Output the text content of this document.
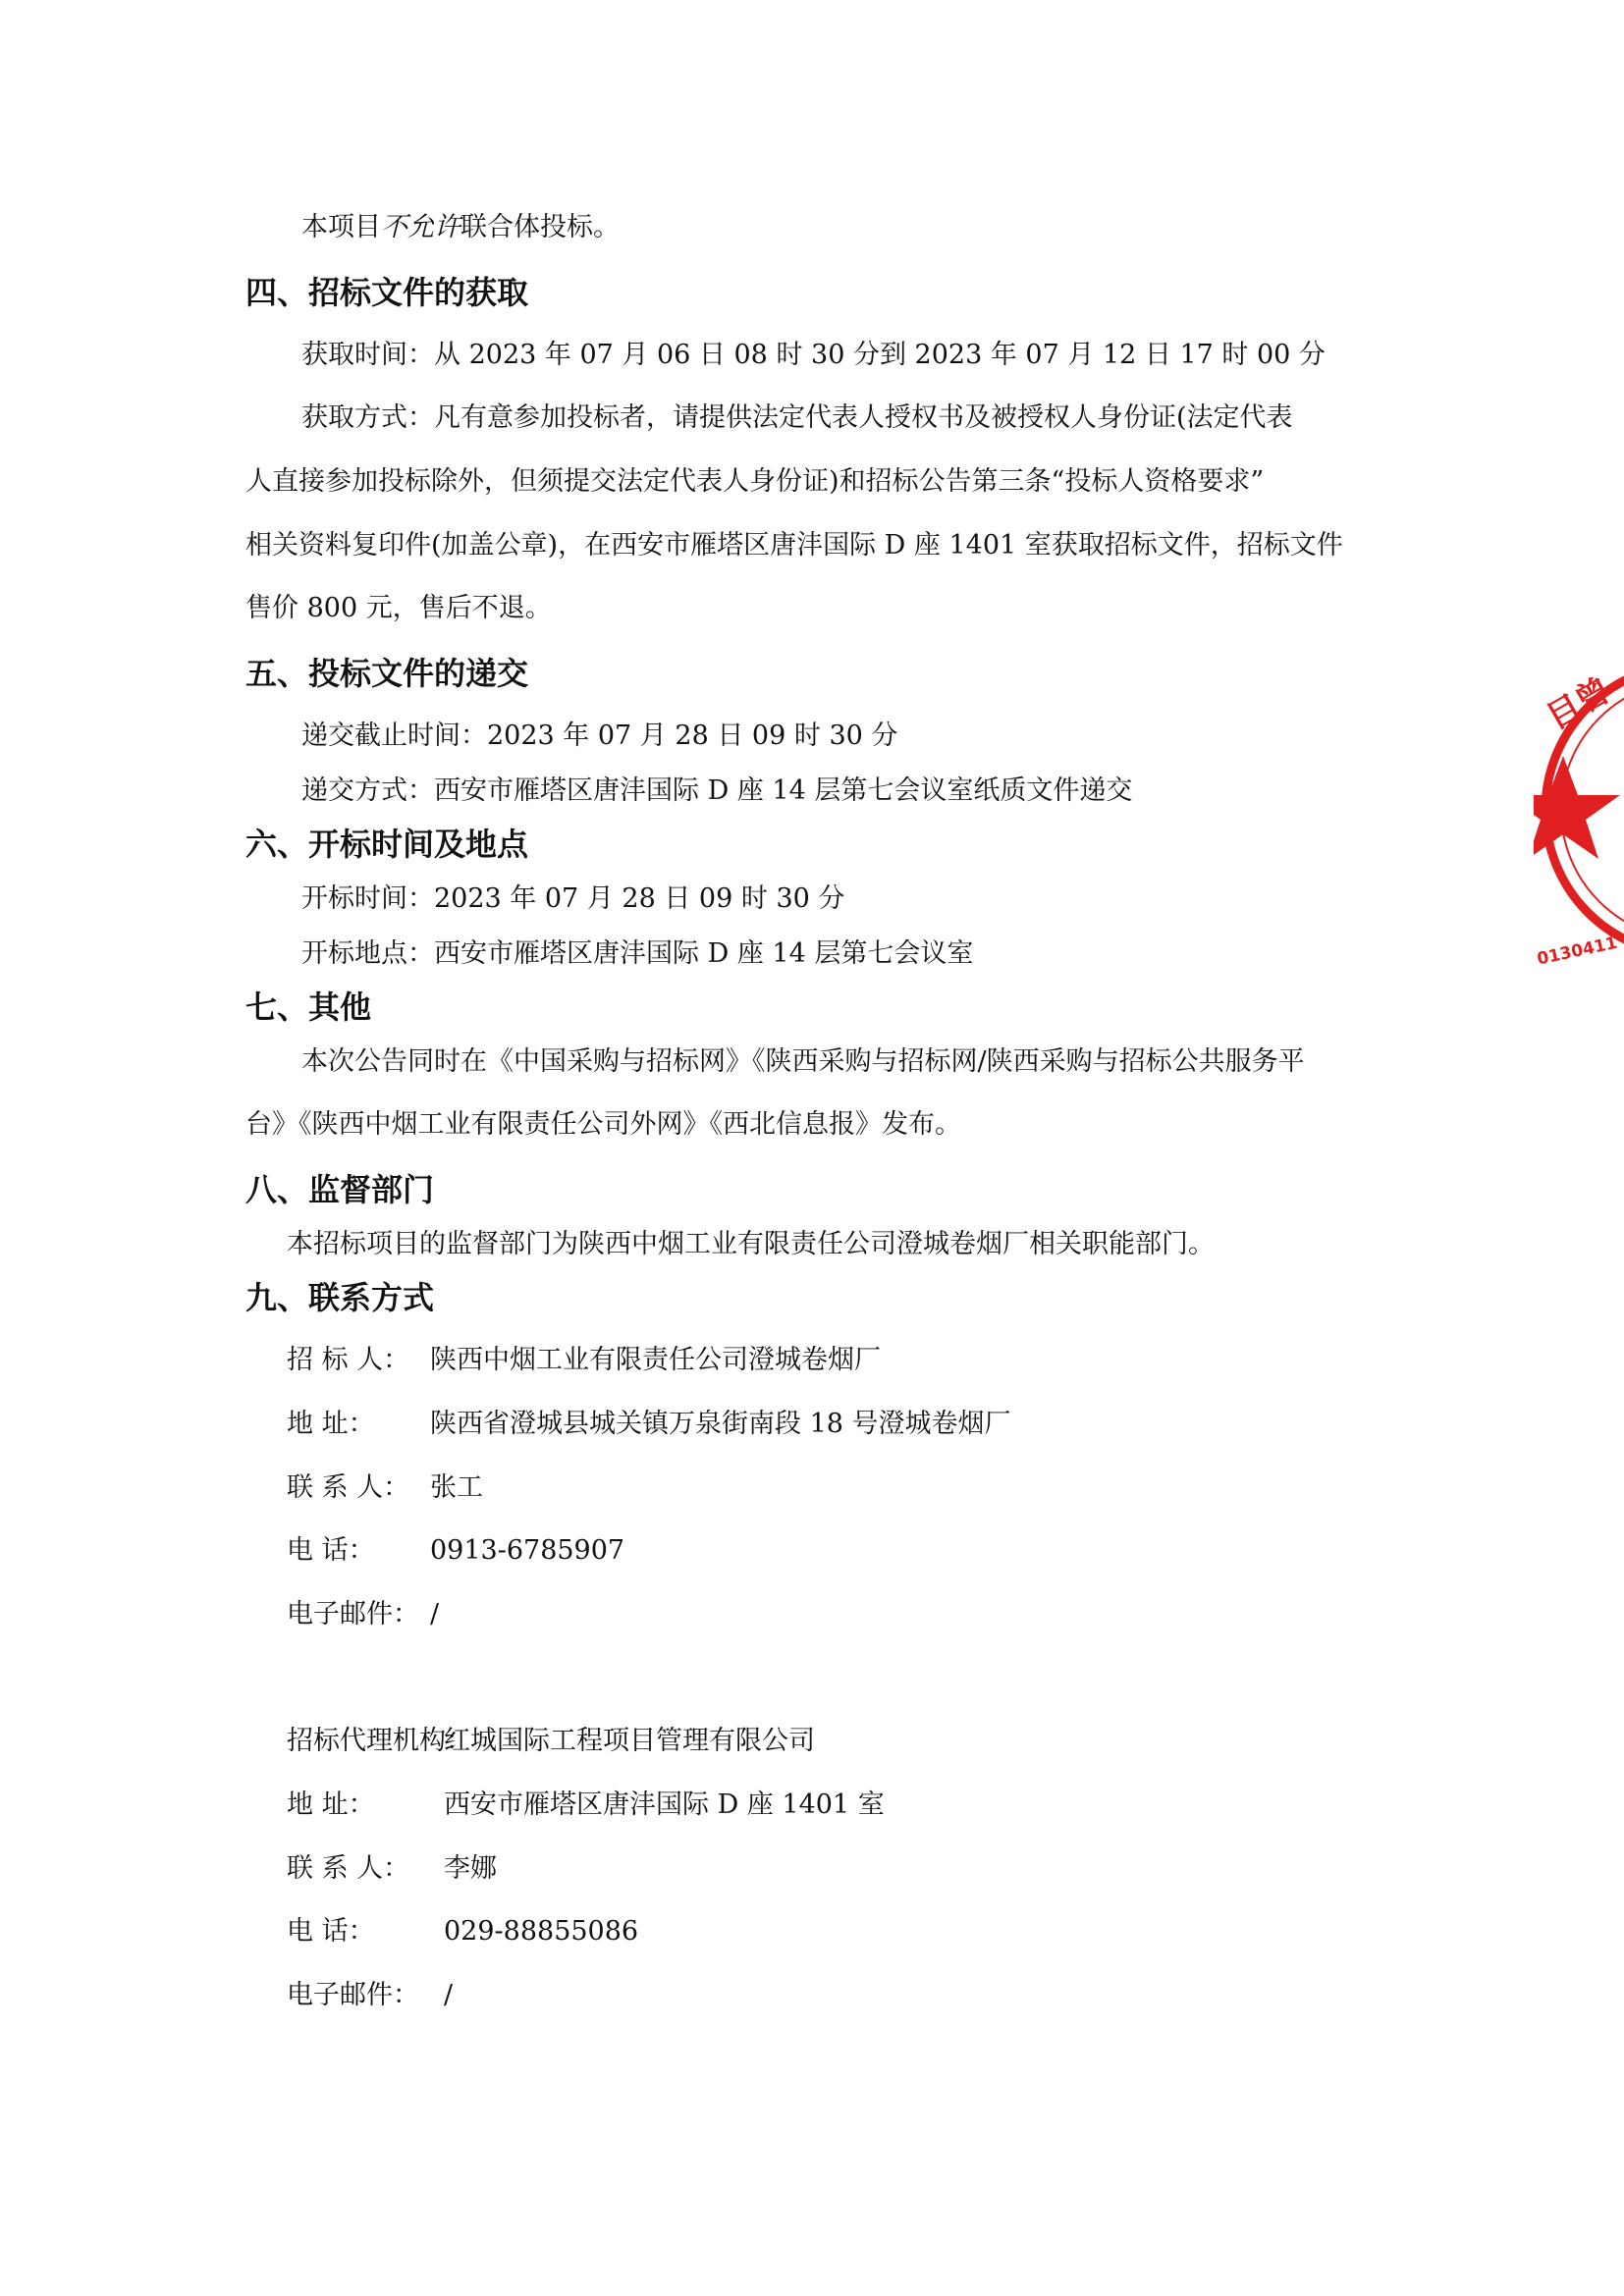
本项目不允许联合体投标。
四、招标文件的获取
获取时间：从 2023 年 07 月 06 日 08 时 30 分到 2023 年 07 月 12 日 17 时 00 分
获取方式：凡有意参加投标者，请提供法定代表人授权书及被授权人身份证(法定代表
人直接参加投标除外，但须提交法定代表人身份证)和招标公告第三条“投标人资格要求”
相关资料复印件(加盖公章)，在西安市雁塔区唐沣国际 D 座 1401 室获取招标文件，招标文件
售价 800 元，售后不退。
五、投标文件的递交
递交截止时间：2023 年 07 月 28 日 09 时 30 分
递交方式：西安市雁塔区唐沣国际 D 座 14 层第七会议室纸质文件递交
六、开标时间及地点
开标时间：2023 年 07 月 28 日 09 时 30 分
开标地点：西安市雁塔区唐沣国际 D 座 14 层第七会议室
七、其他
本次公告同时在《中国采购与招标网》《陕西采购与招标网/陕西采购与招标公共服务平
台》《陕西中烟工业有限责任公司外网》《西北信息报》发布。
八、监督部门
本招标项目的监督部门为陕西中烟工业有限责任公司澄城卷烟厂相关职能部门。
九、联系方式
招 标 人： 陕西中烟工业有限责任公司澄城卷烟厂
地 址： 陕西省澄城县城关镇万泉街南段 18 号澄城卷烟厂
联 系 人： 张工
电 话： 0913-6785907
电子邮件： /
招标代理机构：红城国际工程项目管理有限公司
地 址：	西安市雁塔区唐沣国际 D 座 1401 室
联 系 人： 李娜
电 话：	029-88855086
电子邮件： /
目曾
0130411
